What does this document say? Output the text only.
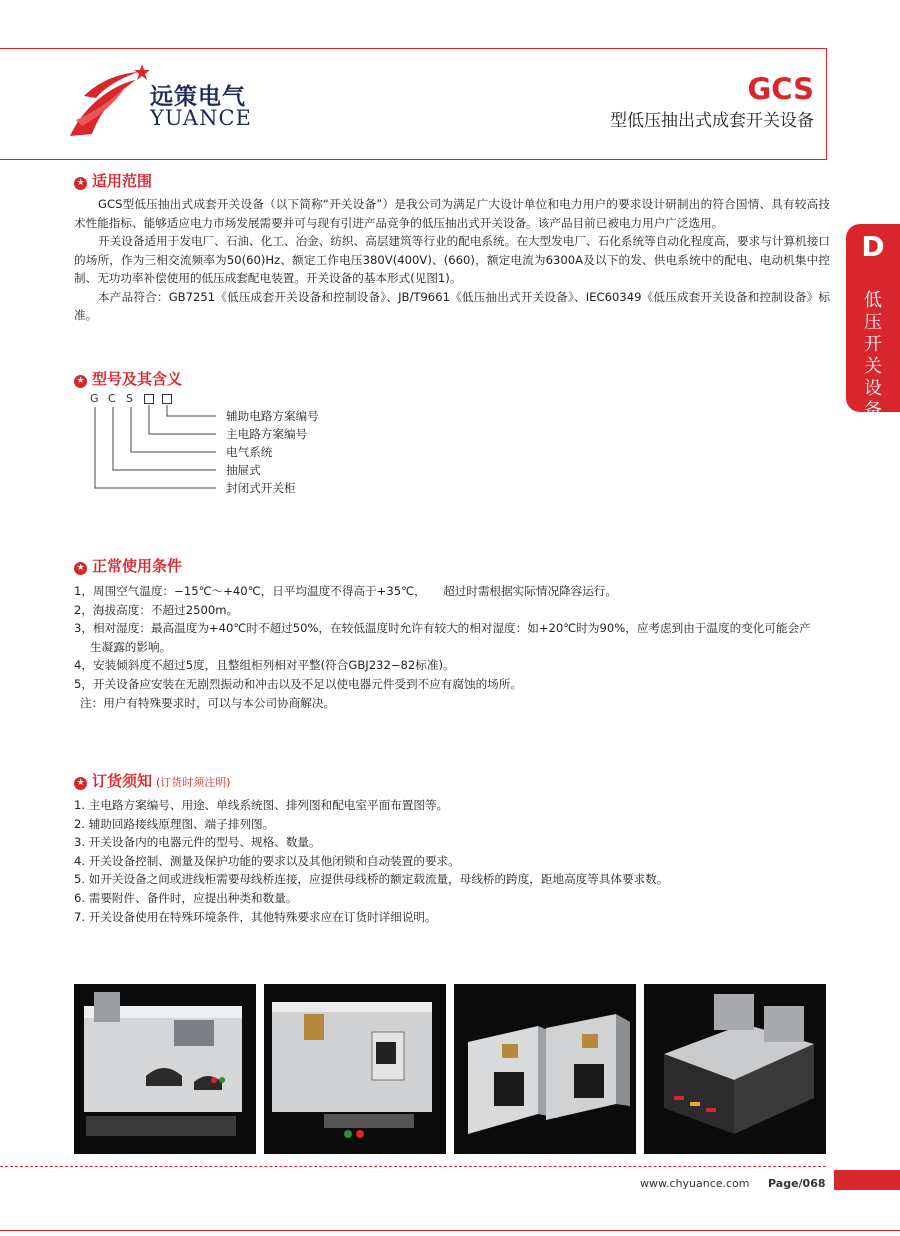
远策电气
YUANCE
GCS
型低压抽出式成套开关设备
D
低
压
开
关
设
备
★ 适用范围

GCS型低压抽出式成套开关设备（以下简称“开关设备”）是我公司为满足广大设计单位和电力用户的要求设计研制出的符合国情、具有较高技术性能指标、能够适应电力市场发展需要并可与现有引进产品竞争的低压抽出式开关设备。该产品目前已被电力用户广泛选用。

开关设备适用于发电厂、石油、化工、冶金、纺织、高层建筑等行业的配电系统。在大型发电厂、石化系统等自动化程度高，要求与计算机接口的场所，作为三相交流频率为50(60)Hz、额定工作电压380V(400V)、(660)，额定电流为6300A及以下的发、供电系统中的配电、电动机集中控制、无功功率补偿使用的低压成套配电装置。开关设备的基本形式(见图1)。

本产品符合：GB7251《低压成套开关设备和控制设备》、JB/T9661《低压抽出式开关设备》、IEC60349《低压成套开关设备和控制设备》标准。

★ 型号及其含义
G C S
辅助电路方案编号
主电路方案编号
电气系统
抽屉式
封闭式开关柜
★ 正常使用条件
1，周围空气温度：−15℃～+40℃，日平均温度不得高于+35℃，　　超过时需根据实际情况降容运行。
2，海拔高度：不超过2500m。
3，相对湿度：最高温度为+40℃时不超过50%，在较低温度时允许有较大的相对湿度：如+20℃时为90%，应考虑到由于温度的变化可能会产
生凝露的影响。
4，安装倾斜度不超过5度，且整组柜列相对平整(符合GBJ232−82标准)。
5，开关设备应安装在无剧烈振动和冲击以及不足以使电器元件受到不应有腐蚀的场所。
注：用户有特殊要求时，可以与本公司协商解决。
★ 订货须知 (订货时须注明)
1. 主电路方案编号、用途、单线系统图、排列图和配电室平面布置图等。
2. 辅助回路接线原理图、端子排列图。
3. 开关设备内的电器元件的型号、规格、数量。
4. 开关设备控制、测量及保护功能的要求以及其他闭锁和自动装置的要求。
5. 如开关设备之间或进线柜需要母线桥连接，应提供母线桥的额定载流量，母线桥的跨度，距地高度等具体要求数。
6. 需要附件、备件时，应提出种类和数量。
7. 开关设备使用在特殊环境条件，其他特殊要求应在订货时详细说明。
www.chyuance.com Page/068
